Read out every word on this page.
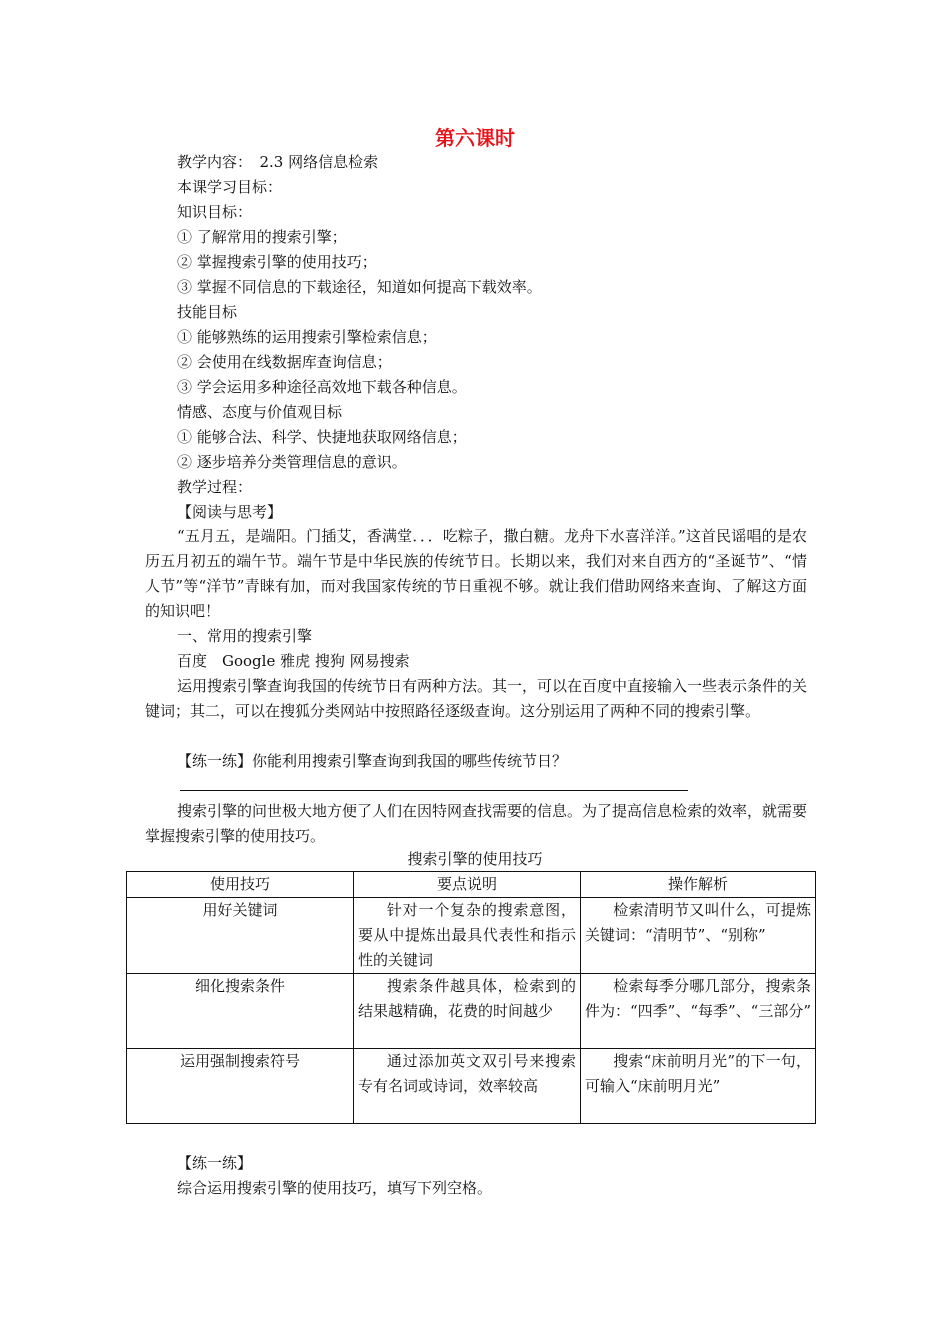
第六课时
教学内容：　2.3 网络信息检索
本课学习目标：
知识目标：
① 了解常用的搜索引擎；
② 掌握搜索引擎的使用技巧；
③ 掌握不同信息的下载途径，知道如何提高下载效率。
技能目标
① 能够熟练的运用搜索引擎检索信息；
② 会使用在线数据库查询信息；
③ 学会运用多种途径高效地下载各种信息。
情感、态度与价值观目标
① 能够合法、科学、快捷地获取网络信息；
② 逐步培养分类管理信息的意识。
教学过程：
【阅读与思考】
“五月五，是端阳。门插艾，香满堂．．．吃粽子，撒白糖。龙舟下水喜洋洋。”这首民谣唱的是农历五月初五的端午节。端午节是中华民族的传统节日。长期以来，我们对来自西方的“圣诞节”、“情人节”等“洋节”青睐有加，而对我国家传统的节日重视不够。就让我们借助网络来查询、了解这方面的知识吧！
一、常用的搜索引擎
百度　Google 雅虎 搜狗 网易搜索
运用搜索引擎查询我国的传统节日有两种方法。其一，可以在百度中直接输入一些表示条件的关键词；其二，可以在搜狐分类网站中按照路径逐级查询。这分别运用了两种不同的搜索引擎。
【练一练】你能利用搜索引擎查询到我国的哪些传统节日？
搜索引擎的问世极大地方便了人们在因特网查找需要的信息。为了提高信息检索的效率，就需要掌握搜索引擎的使用技巧。
搜索引擎的使用技巧
使用技巧	要点说明	操作解析
用好关键词	针对一个复杂的搜索意图，要从中提炼出最具代表性和指示性的关键词	检索清明节又叫什么，可提炼关键词：“清明节”、“别称”
细化搜索条件	搜索条件越具体，检索到的结果越精确，花费的时间越少	检索每季分哪几部分，搜索条件为：“四季”、“每季”、“三部分”
运用强制搜索符号	通过添加英文双引号来搜索专有名词或诗词，效率较高	搜索“床前明月光”的下一句，可输入“床前明月光”
【练一练】
综合运用搜索引擎的使用技巧，填写下列空格。
